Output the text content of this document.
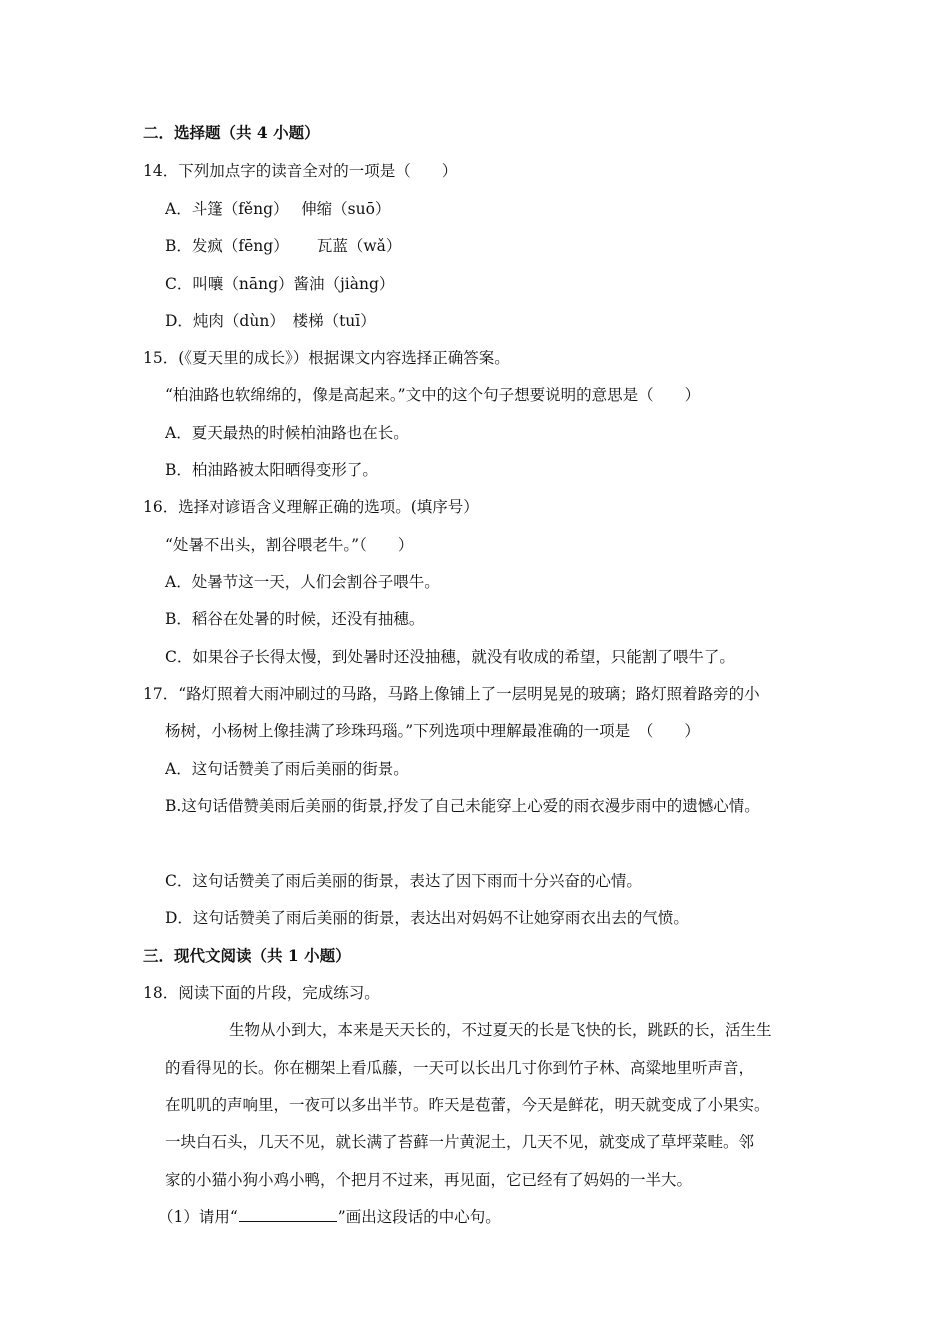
二．选择题（共 4 小题）
14．下列加点字的读音全对的一项是（　　）
A．斗篷（fěng）　 伸缩（suō）
B．发疯（fēng）　　 瓦蓝（wǎ）
C．叫嚷（nāng）酱油（jiàng）
D．炖肉（dùn）　楼梯（tuī）
15．(《夏天里的成长》）根据课文内容选择正确答案。
“柏油路也软绵绵的，像是高起来。”文中的这个句子想要说明的意思是（　　）
A．夏天最热的时候柏油路也在长。
B．柏油路被太阳晒得变形了。
16．选择对谚语含义理解正确的选项。(填序号）
“处暑不出头，割谷喂老牛。”（　　）
A．处暑节这一天，人们会割谷子喂牛。
B．稻谷在处暑的时候，还没有抽穗。
C．如果谷子长得太慢，到处暑时还没抽穗，就没有收成的希望，只能割了喂牛了。
17．“路灯照着大雨冲刷过的马路，马路上像铺上了一层明晃晃的玻璃；路灯照着路旁的小
杨树，小杨树上像挂满了珍珠玛瑙。”下列选项中理解最准确的一项是　（　　）
A．这句话赞美了雨后美丽的街景。
B.这句话借赞美雨后美丽的街景,抒发了自己未能穿上心爱的雨衣漫步雨中的遗憾心情。
C．这句话赞美了雨后美丽的街景，表达了因下雨而十分兴奋的心情。
D．这句话赞美了雨后美丽的街景，表达出对妈妈不让她穿雨衣出去的气愤。
三．现代文阅读（共 1 小题）
18．阅读下面的片段，完成练习。
生物从小到大，本来是天天长的，不过夏天的长是飞快的长，跳跃的长，活生生
的看得见的长。你在棚架上看瓜藤，一天可以长出几寸你到竹子林、高粱地里听声音，
在叽叽的声响里，一夜可以多出半节。昨天是苞蕾，今天是鲜花，明天就变成了小果实。
一块白石头，几天不见，就长满了苔藓一片黄泥土，几天不见，就变成了草坪菜畦。邻
家的小猫小狗小鸡小鸭，个把月不过来，再见面，它已经有了妈妈的一半大。
（1）请用“	”画出这段话的中心句。
